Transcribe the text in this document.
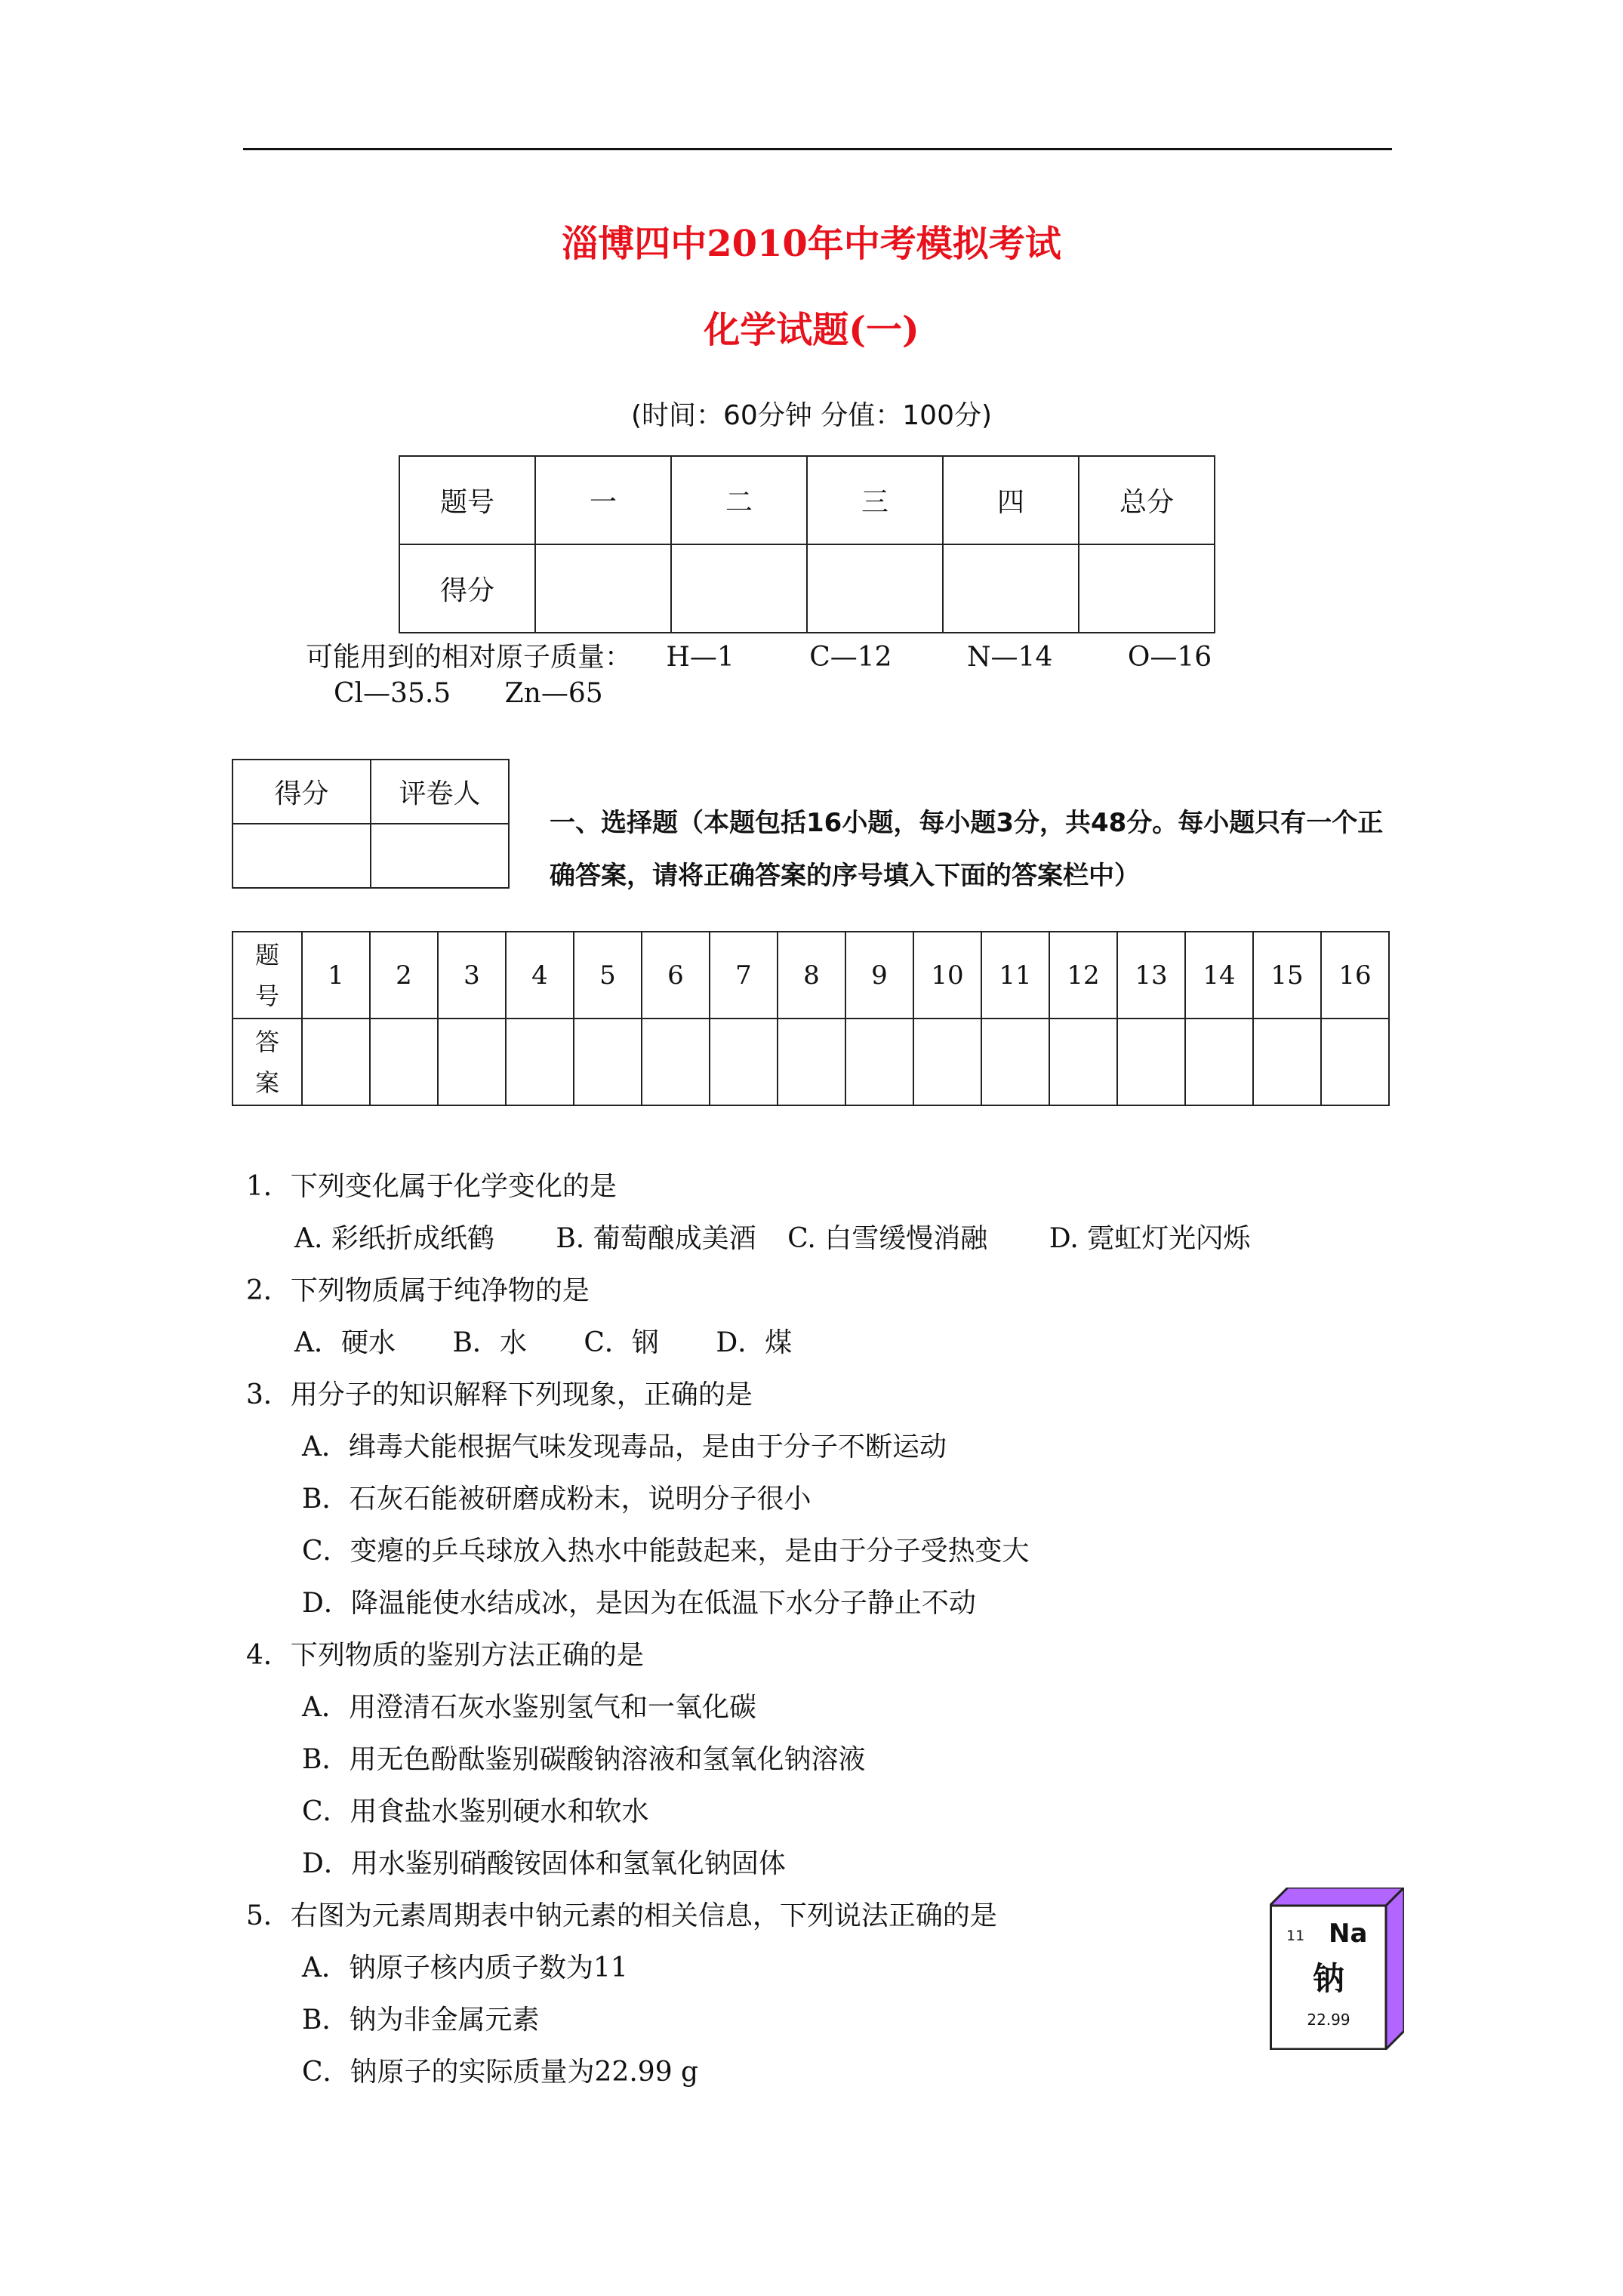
淄博四中2010年中考模拟考试
化学试题(一)
(时间：60分钟 分值：100分)
题号	一	二	三	四	总分
得分					
可能用到的相对原子质量： H—1	C—12	N—14	O—16
Cl—35.5 Zn—65
得分	评卷人

一、选择题（本题包括16小题，每小题3分，共48分。每小题只有一个正确答案，请将正确答案的序号填入下面的答案栏中）
题
号	1	2	3	4	5	6	7	8	9	10	11	12	13	14	15	16

答
案																

1．下列变化属于化学变化的是
A. 彩纸折成纸鹤 B. 葡萄酿成美酒 C. 白雪缓慢消融 D. 霓虹灯光闪烁
2．下列物质属于纯净物的是
A．硬水 B．水 C．钢 D．煤
3．用分子的知识解释下列现象，正确的是
A．缉毒犬能根据气味发现毒品，是由于分子不断运动
B．石灰石能被研磨成粉末，说明分子很小
C．变瘪的乒乓球放入热水中能鼓起来，是由于分子受热变大
D．降温能使水结成冰，是因为在低温下水分子静止不动
4．下列物质的鉴别方法正确的是
A．用澄清石灰水鉴别氢气和一氧化碳
B．用无色酚酞鉴别碳酸钠溶液和氢氧化钠溶液
C．用食盐水鉴别硬水和软水
D．用水鉴别硝酸铵固体和氢氧化钠固体
5．右图为元素周期表中钠元素的相关信息，下列说法正确的是
A．钠原子核内质子数为11
B．钠为非金属元素
C．钠原子的实际质量为22.99 g
11 Na
钠
22.99
